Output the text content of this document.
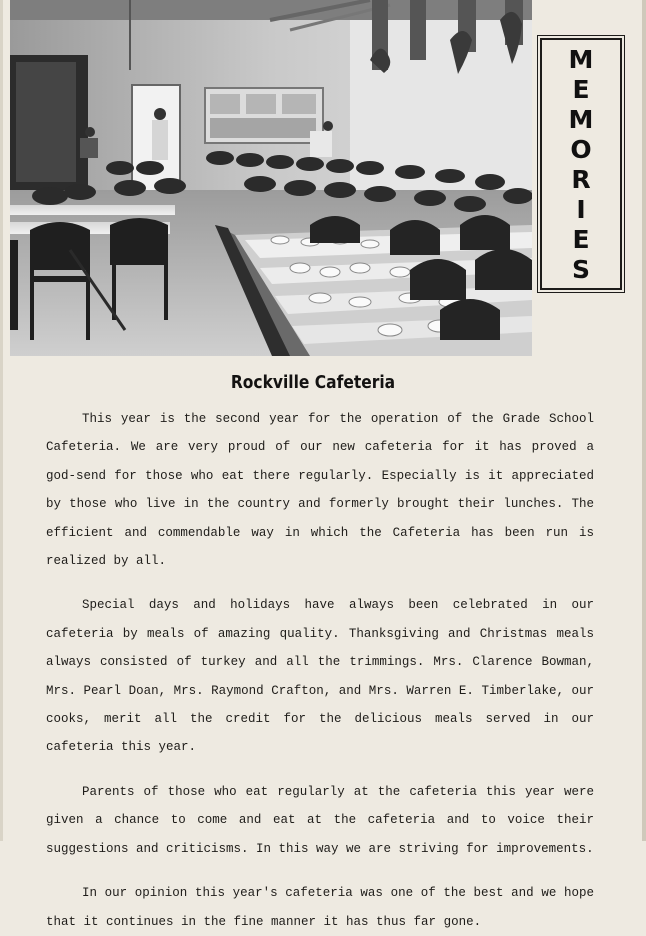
M
E
M
O
R
I
E
S
Rockville Cafeteria

This year is the second year for the operation of the Grade School Cafeteria. We are very proud of our new cafeteria for it has proved a god-send for those who eat there regularly. Especially is it appreciated by those who live in the country and formerly brought their lunches. The efficient and commendable way in which the Cafeteria has been run is realized by all.

Special days and holidays have always been celebrated in our cafeteria by meals of amazing quality. Thanksgiving and Christmas meals always consisted of turkey and all the trimmings. Mrs. Clarence Bowman, Mrs. Pearl Doan, Mrs. Raymond Crafton, and Mrs. Warren E. Timberlake, our cooks, merit all the credit for the delicious meals served in our cafeteria this year.

Parents of those who eat regularly at the cafeteria this year were given a chance to come and eat at the cafeteria and to voice their suggestions and criticisms. In this way we are striving for improvements.

In our opinion this year's cafeteria was one of the best and we hope that it continues in the fine manner it has thus far gone.
